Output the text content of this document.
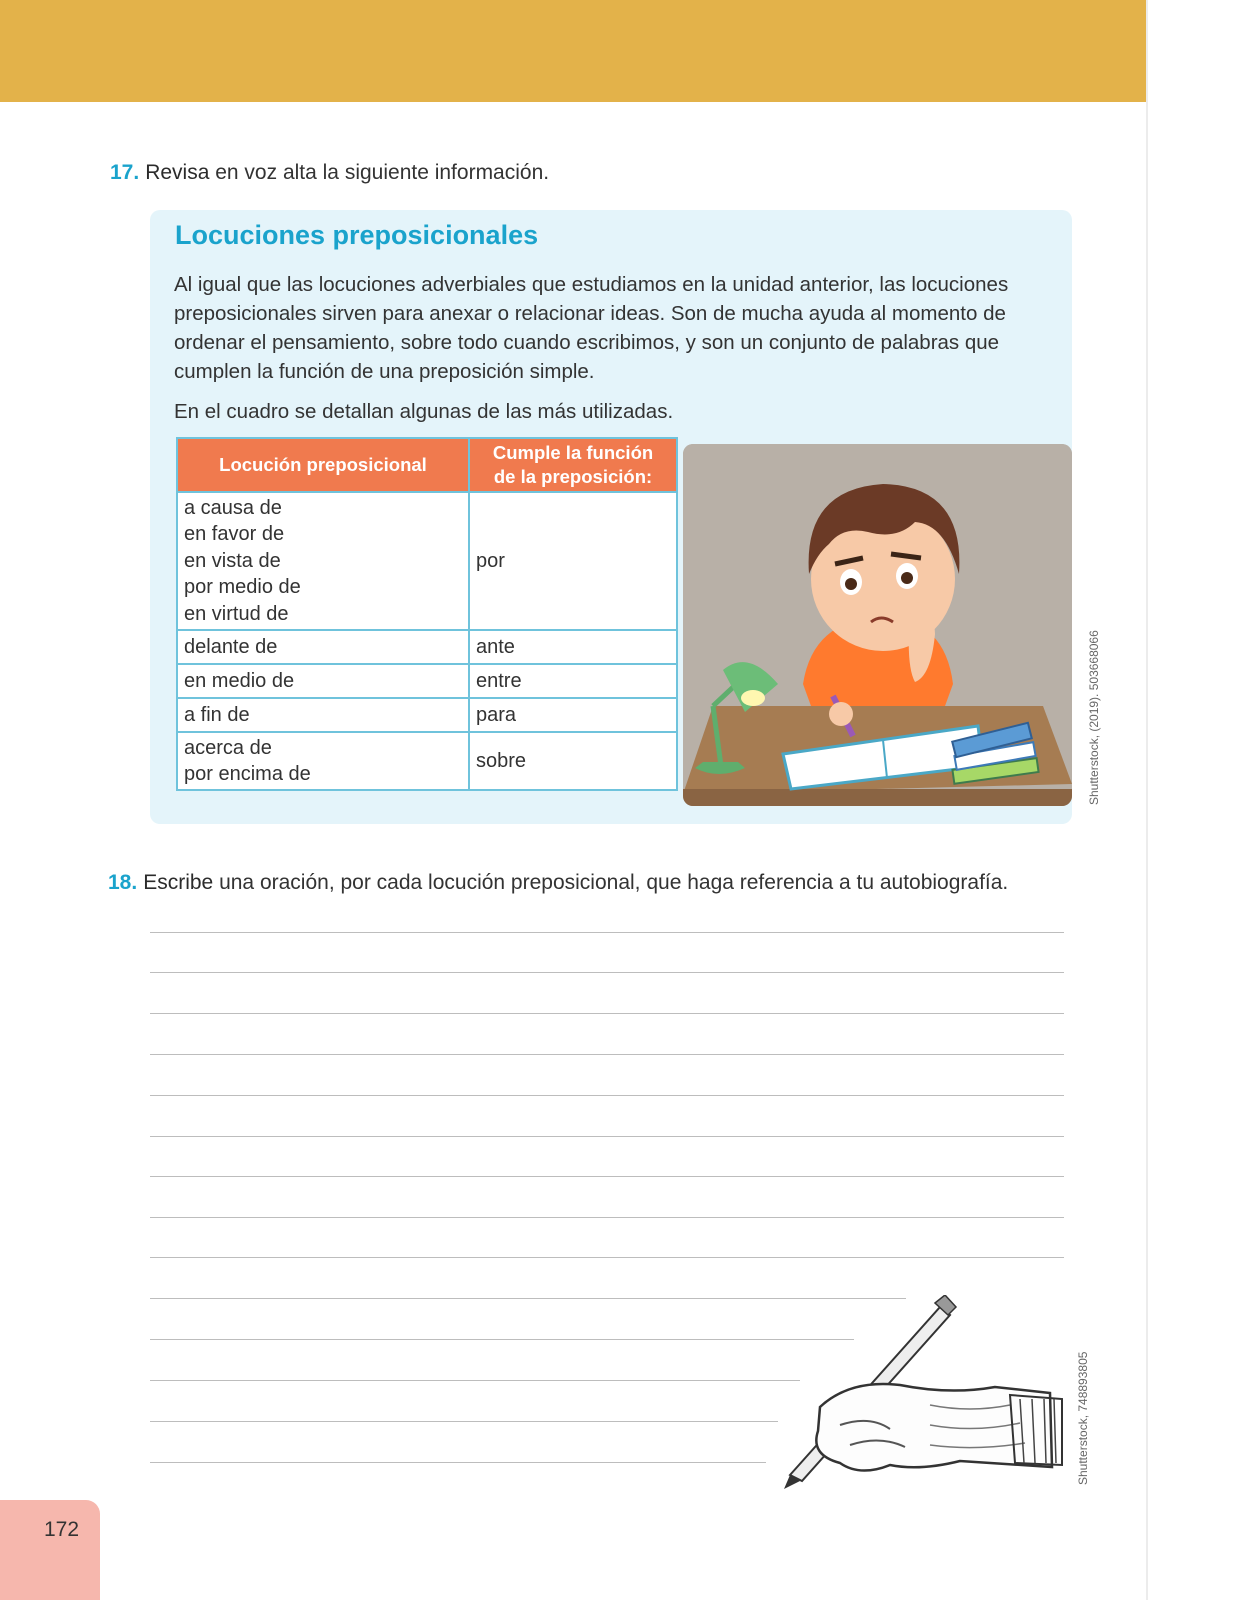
17. Revisa en voz alta la siguiente información.
Locuciones preposicionales
Al igual que las locuciones adverbiales que estudiamos en la unidad anterior, las locuciones preposicionales sirven para anexar o relacionar ideas. Son de mucha ayuda al momento de ordenar el pensamiento, sobre todo cuando escribimos, y son un conjunto de palabras que cumplen la función de una preposición simple.
En el cuadro se detallan algunas de las más utilizadas.
Locución preposicional	Cumple la función
de la preposición:

a causa de
en favor de
en vista de
por medio de
en virtud de	por
delante de	ante
en medio de	entre
a fin de	para

acerca de
por encima de	sobre	Shutterstock, (2019). 503668066
18. Escribe una oración, por cada locución preposicional, que haga referencia a tu autobiografía.
Shutterstock, 748893805
172
